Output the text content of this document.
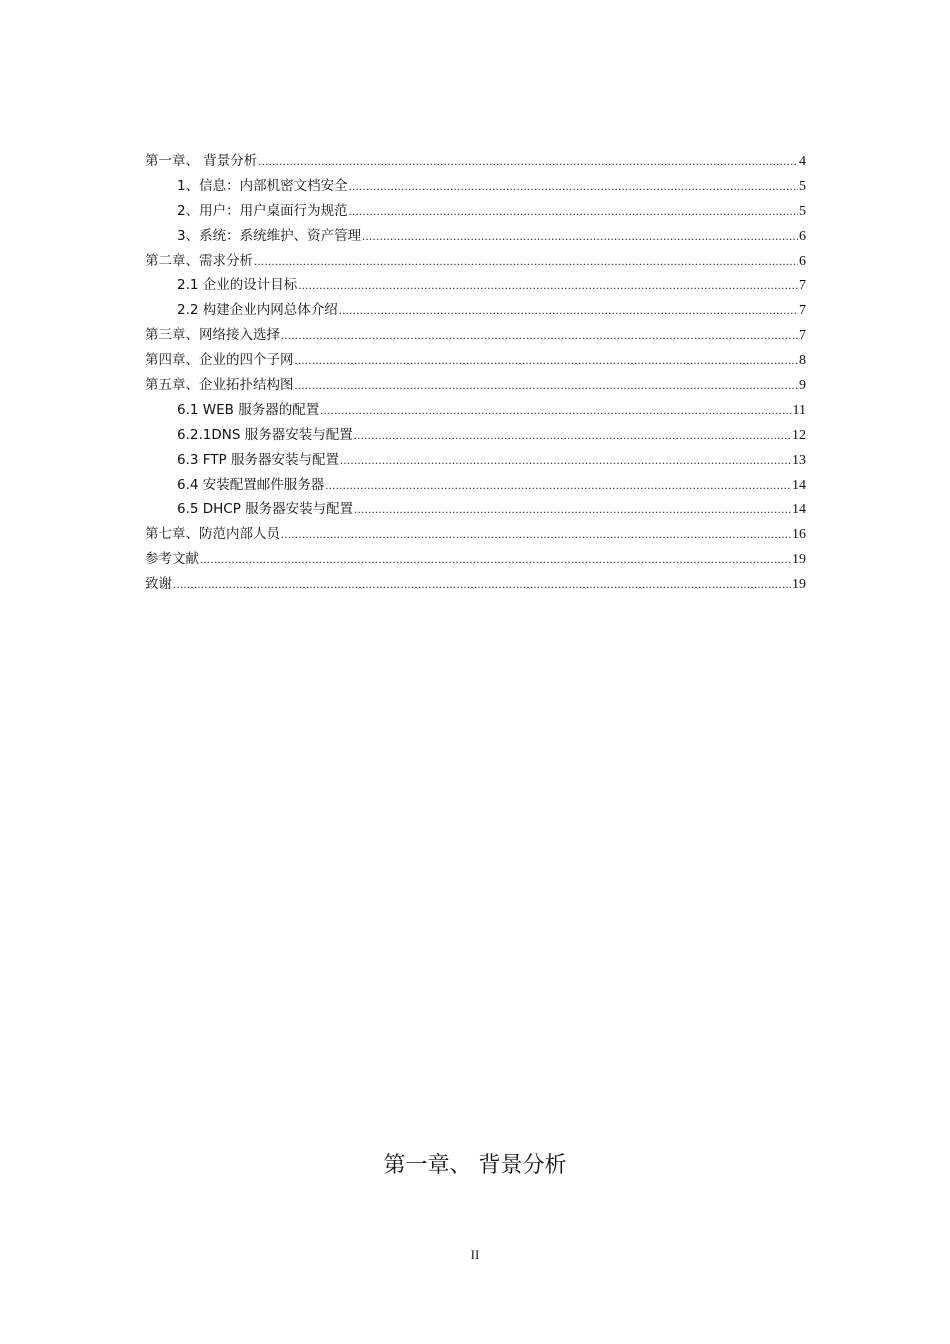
第一章、 背景分析 .....	4
1、信息：内部机密文档安全 .....	5
2、用户：用户桌面行为规范 .....	5
3、系统：系统维护、资产管理 .....	6
第二章、需求分析 .....	6
2.1 企业的设计目标 .....	7
2.2 构建企业内网总体介绍 .....	7
第三章、网络接入选择 .....	7
第四章、企业的四个子网 .....	8
第五章、企业拓扑结构图 .....	9
6.1 WEB 服务器的配置 .....	11
6.2.1DNS 服务器安装与配置 .....	12
6.3 FTP 服务器安装与配置 .....	13
6.4 安装配置邮件服务器 .....	14
6.5 DHCP 服务器安装与配置 .....	14
第七章、防范内部人员 .....	16
参考文献 .....	19
致谢 .....	19
第一章、 背景分析
II
